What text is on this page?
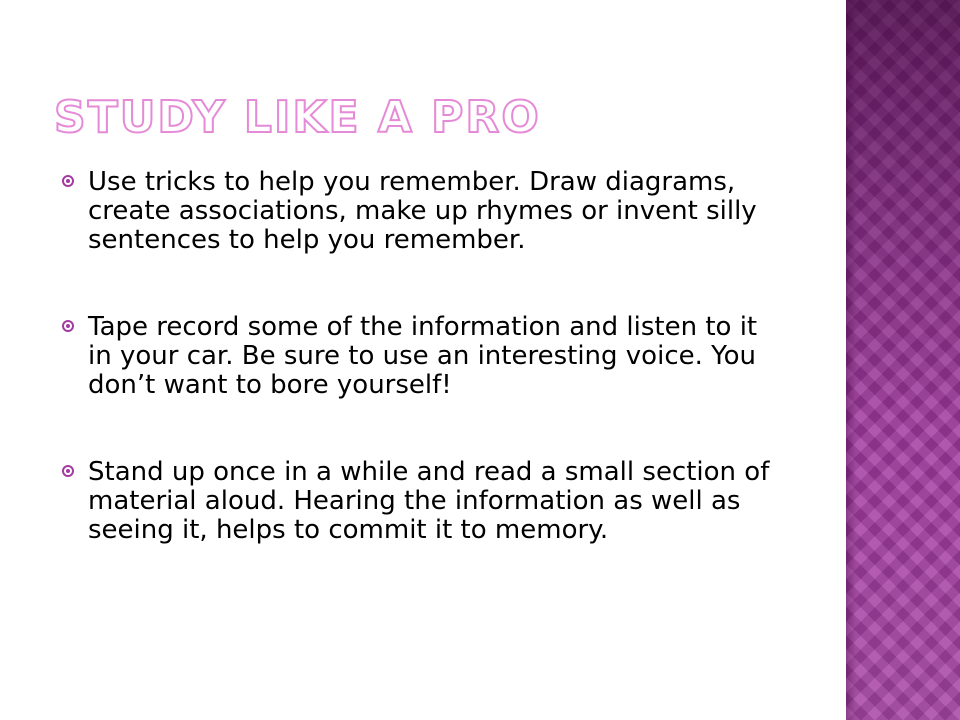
STUDY LIKE A PRO
Use tricks to help you remember. Draw diagrams, create associations, make up rhymes or invent silly sentences to help you remember.
Tape record some of the information and listen to it in your car. Be sure to use an interesting voice. You don’t want to bore yourself!
Stand up once in a while and read a small section of material aloud. Hearing the information as well as seeing it, helps to commit it to memory.
